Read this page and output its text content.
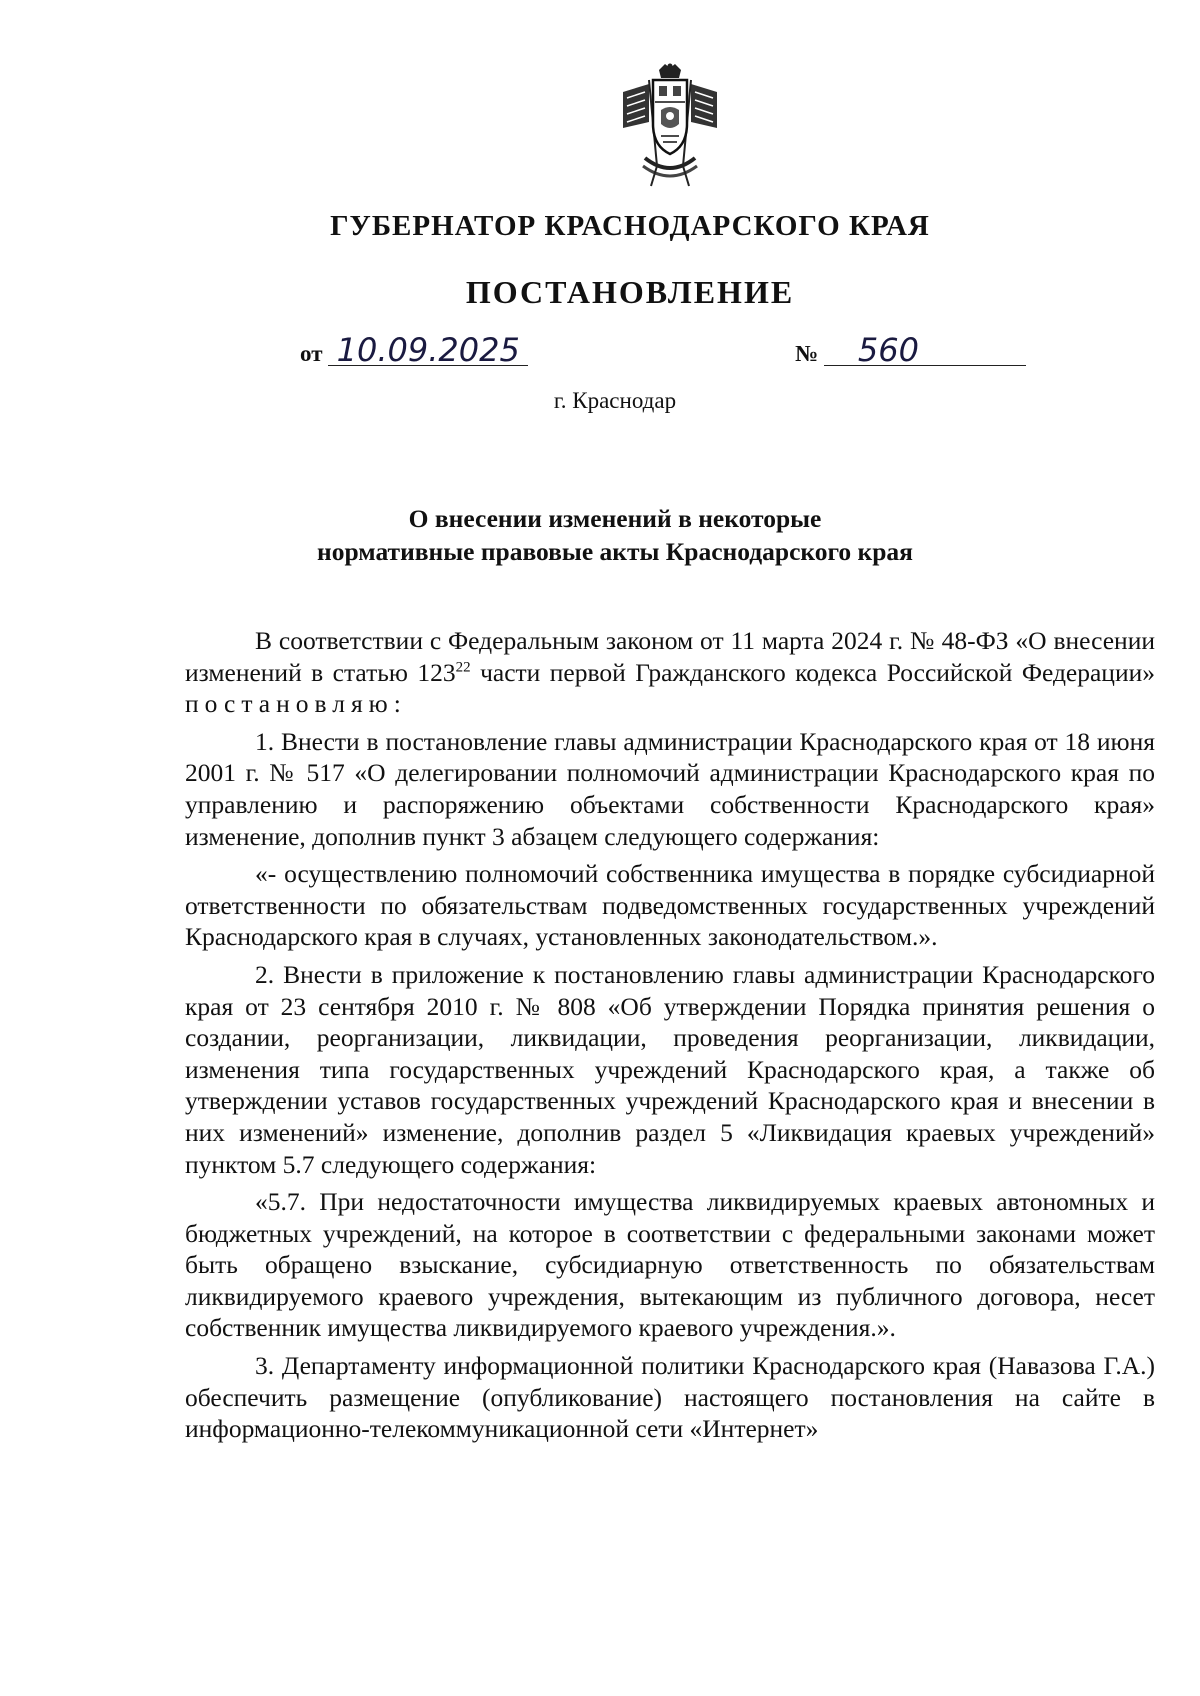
ГУБЕРНАТОР КРАСНОДАРСКОГО КРАЯ
ПОСТАНОВЛЕНИЕ
от 10.09.2025	№ 560
г. Краснодар
О внесении изменений в некоторые
нормативные правовые акты Краснодарского края

В соответствии с Федеральным законом от 11 марта 2024 г. № 48-ФЗ «О внесении изменений в статью $123^{22}$ части первой Гражданского кодекса Российской Федерации» постановляю:

1. Внести в постановление главы администрации Краснодарского края от 18 июня 2001 г. № 517 «О делегировании полномочий администрации Краснодарского края по управлению и распоряжению объектами собственности Краснодарского края» изменение, дополнив пункт 3 абзацем следующего содержания:

«- осуществлению полномочий собственника имущества в порядке субсидиарной ответственности по обязательствам подведомственных государственных учреждений Краснодарского края в случаях, установленных законодательством.».

2. Внести в приложение к постановлению главы администрации Краснодарского края от 23 сентября 2010 г. № 808 «Об утверждении Порядка принятия решения о создании, реорганизации, ликвидации, проведения реорганизации, ликвидации, изменения типа государственных учреждений Краснодарского края, а также об утверждении уставов государственных учреждений Краснодарского края и внесении в них изменений» изменение, дополнив раздел 5 «Ликвидация краевых учреждений» пунктом 5.7 следующего содержания:

«5.7. При недостаточности имущества ликвидируемых краевых автономных и бюджетных учреждений, на которое в соответствии с федеральными законами может быть обращено взыскание, субсидиарную ответственность по обязательствам ликвидируемого краевого учреждения, вытекающим из публичного договора, несет собственник имущества ликвидируемого краевого учреждения.».

3. Департаменту информационной политики Краснодарского края (Навазова Г.А.) обеспечить размещение (опубликование) настоящего постановления на сайте в информационно-телекоммуникационной сети «Интернет»
